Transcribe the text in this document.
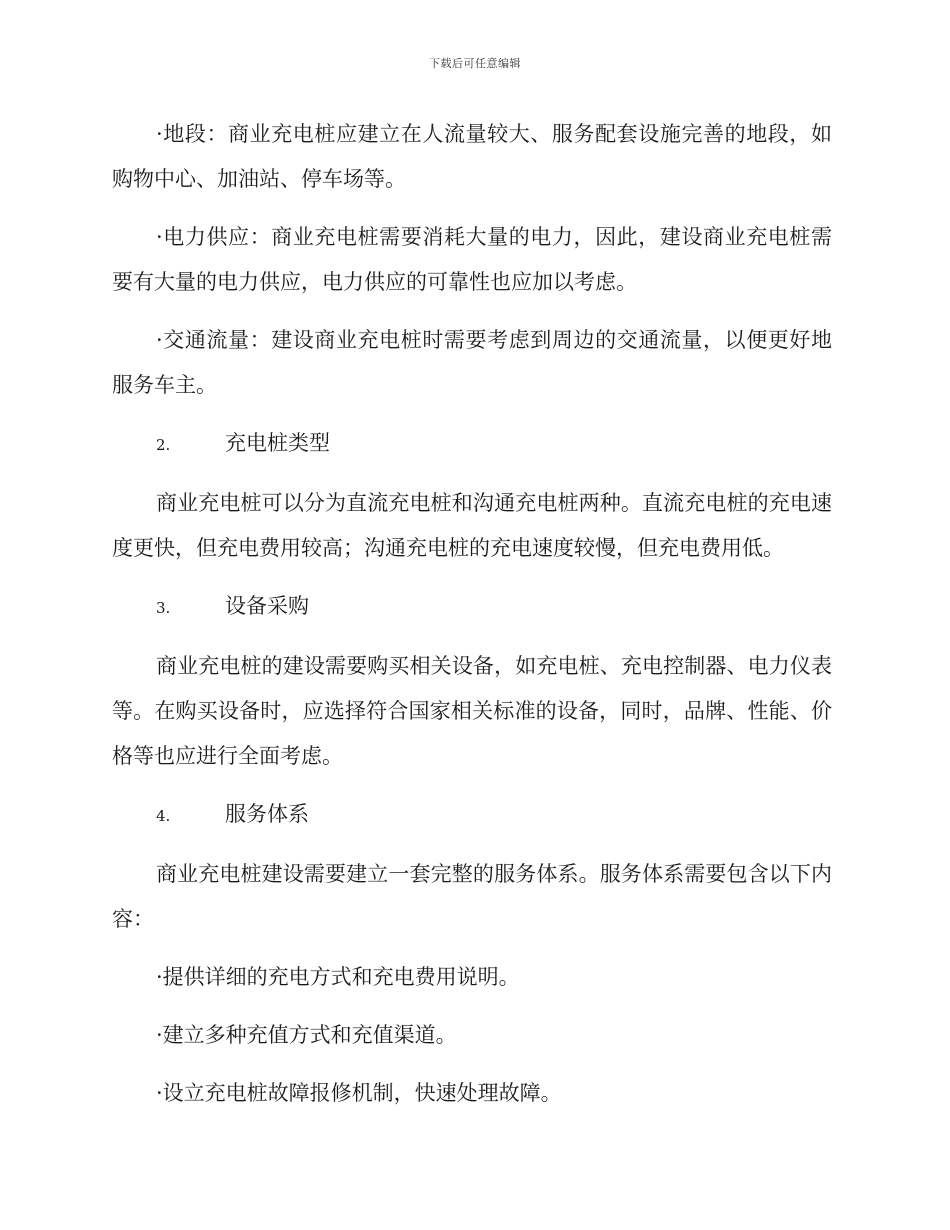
下载后可任意编辑

·地段：商业充电桩应建立在人流量较大、服务配套设施完善的地段，如购物中心、加油站、停车场等。

·电力供应：商业充电桩需要消耗大量的电力，因此，建设商业充电桩需要有大量的电力供应，电力供应的可靠性也应加以考虑。

·交通流量：建设商业充电桩时需要考虑到周边的交通流量，以便更好地服务车主。

2.	充电桩类型

商业充电桩可以分为直流充电桩和沟通充电桩两种。直流充电桩的充电速度更快，但充电费用较高；沟通充电桩的充电速度较慢，但充电费用低。

3.	设备采购

商业充电桩的建设需要购买相关设备，如充电桩、充电控制器、电力仪表等。在购买设备时，应选择符合国家相关标准的设备，同时，品牌、性能、价格等也应进行全面考虑。

4.	服务体系

商业充电桩建设需要建立一套完整的服务体系。服务体系需要包含以下内容：

·提供详细的充电方式和充电费用说明。

·建立多种充值方式和充值渠道。

·设立充电桩故障报修机制，快速处理故障。
